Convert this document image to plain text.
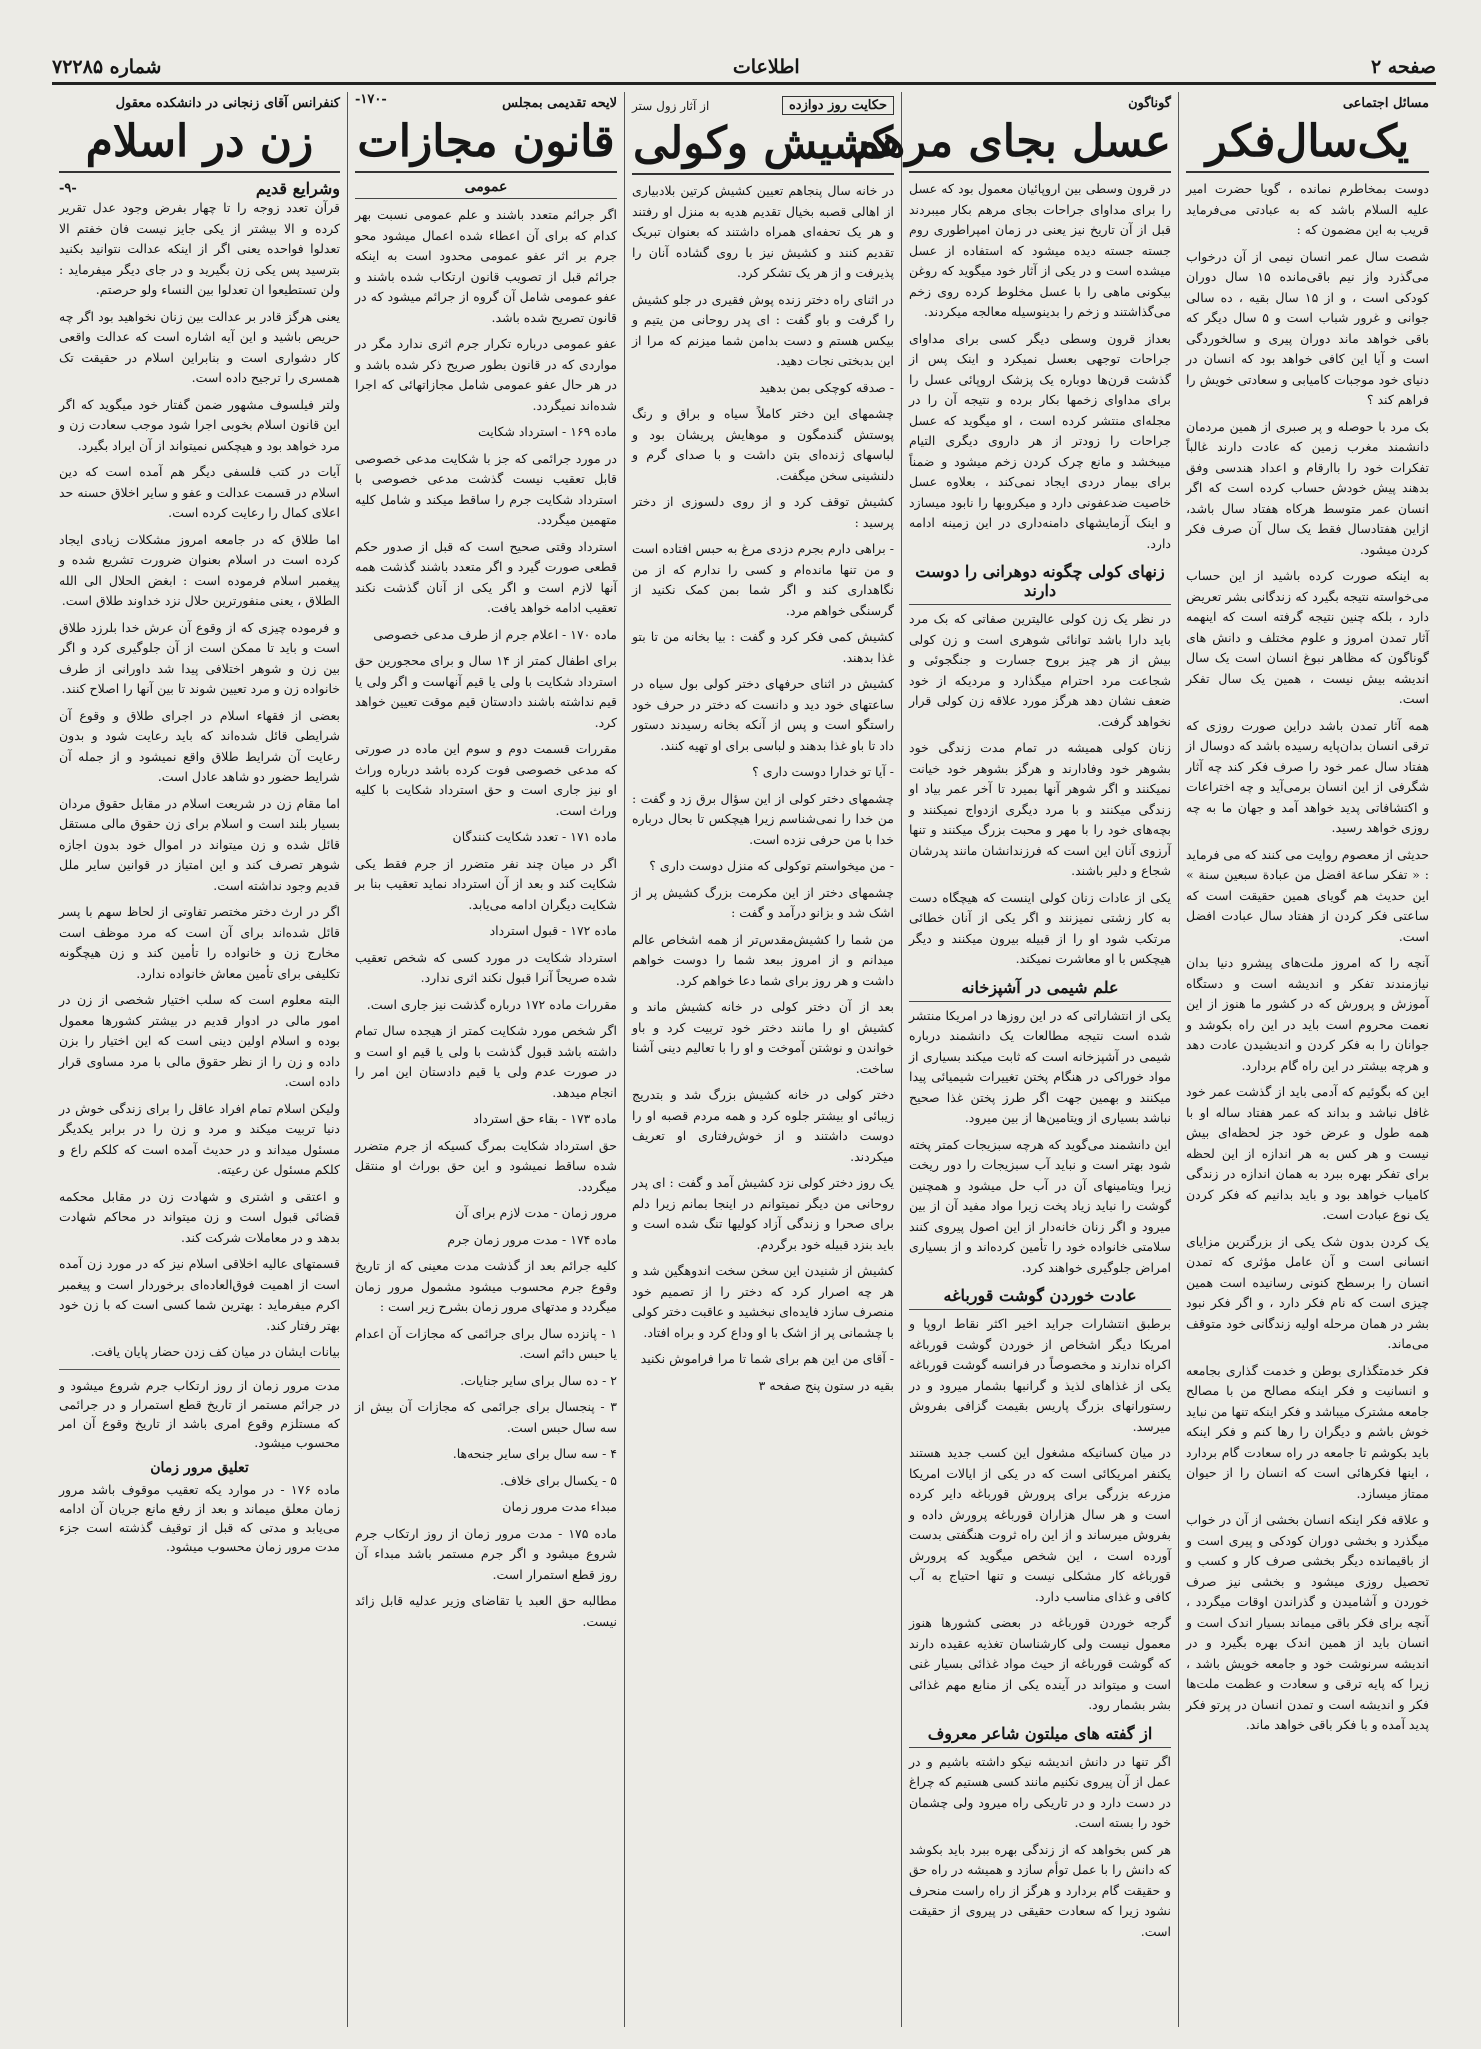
صفحه ۲
اطلاعات
شماره ۷۲۲۸۵
مسائل اجتماعی
یک‌سال‌فکر

دوست بمخاطرم نمانده ، گویا حضرت امیر علیه السلام باشد که به عبادتی می‌فرماید قریب به این مضمون که :

شصت سال عمر انسان نیمی از آن درخواب می‌گذرد واز نیم باقی‌مانده ۱۵ سال دوران کودکی است ، و از ۱۵ سال بقیه ، ده سالی جوانی و غرور شباب است و ۵ سال دیگر که باقی خواهد ماند دوران پیری و سالخوردگی است و آیا این کافی خواهد بود که انسان در دنیای خود موجبات کامیابی و سعادتی خویش را فراهم کند ؟

بک مرد با حوصله و پر صبری از همین مردمان دانشمند مغرب زمین که عادت دارند غالباً تفکرات خود را باارقام و اعداد هندسی وفق بدهند پیش خودش حساب کرده است که اگر انسان عمر متوسط هرکاه هفتاد سال باشد، ازاین هفتادسال فقط یک سال آن صرف فکر کردن میشود.

به اینکه صورت کرده باشید از این حساب می‌خواسته نتیجه بگیرد که زندگانی بشر تعریض دارد ، بلکه چنین نتیجه گرفته است که اینهمه آثار تمدن امروز و علوم مختلف و دانش های گوناگون که مظاهر نبوغ انسان است یک سال اندیشه بیش نیست ، همین یک سال تفکر است.

همه آثار تمدن باشد دراین صورت روزی که ترقی انسان بدان‌پایه رسیده باشد که دوسال از هفتاد سال عمر خود را صرف فکر کند چه آثار شگرفی از این انسان برمی‌آید و چه اختراعات و اکتشافاتی پدید خواهد آمد و جهان ما به چه روزی خواهد رسید.

حدیثی از معصوم روایت می کنند که می فرماید : « تفکر ساعة افضل من عبادة سبعین سنة » این حدیث هم گویای همین حقیقت است که ساعتی فکر کردن از هفتاد سال عبادت افضل است.

آنچه را که امروز ملت‌های پیشرو دنیا بدان نیازمندند تفکر و اندیشه است و دستگاه آموزش و پرورش که در کشور ما هنوز از این نعمت محروم است باید در این راه بکوشد و جوانان را به فکر کردن و اندیشیدن عادت دهد و هرچه بیشتر در این راه گام بردارد.

این که بگوئیم که آدمی باید از گذشت عمر خود غافل نباشد و بداند که عمر هفتاد ساله او با همه طول و عرض خود جز لحظه‌ای بیش نیست و هر کس به هر اندازه از این لحظه برای تفکر بهره ببرد به همان اندازه در زندگی کامیاب خواهد بود و باید بدانیم که فکر کردن یک نوع عبادت است.

یک کردن بدون شک یکی از بزرگترین مزایای انسانی است و آن عامل مؤثری که تمدن انسان را برسطح کنونی رسانیده است همین چیزی است که نام فکر دارد ، و اگر فکر نبود بشر در همان مرحله اولیه زندگانی خود متوقف می‌ماند.

فکر خدمتگذاری بوطن و خدمت گذاری بجامعه و انسانیت و فکر اینکه مصالح من با مصالح جامعه مشترک میباشد و فکر اینکه تنها من نباید خوش باشم و دیگران را رها کنم و فکر اینکه باید بکوشم تا جامعه در راه سعادت گام بردارد ، اینها فکرهائی است که انسان را از حیوان ممتاز میسازد.

و علاقه فکر اینکه انسان بخشی از آن در خواب میگذرد و بخشی دوران کودکی و پیری است و از باقیمانده دیگر بخشی صرف کار و کسب و تحصیل روزی میشود و بخشی نیز صرف خوردن و آشامیدن و گذراندن اوقات میگردد ، آنچه برای فکر باقی میماند بسیار اندک است و انسان باید از همین اندک بهره بگیرد و در اندیشه سرنوشت خود و جامعه خویش باشد ، زیرا که پایه ترقی و سعادت و عظمت ملت‌ها فکر و اندیشه است و تمدن انسان در پرتو فکر پدید آمده و با فکر باقی خواهد ماند.

گوناگون
عسل بجای مرهم

در قرون وسطی بین اروپائیان معمول بود که عسل را برای مداوای جراحات بجای مرهم بکار میبردند قبل از آن تاریخ نیز یعنی در زمان امپراطوری روم جسته جسته دیده میشود که استفاده از عسل میشده است و در یکی از آثار خود میگوید که روغن بیکونی ماهی را با عسل مخلوط کرده روی زخم می‌گذاشتند و زخم را بدینوسیله معالجه میکردند.

بعداز قرون وسطی دیگر کسی برای مداوای جراحات توجهی بعسل نمیکرد و اینک پس از گذشت قرن‌ها دوباره یک پزشک اروپائی عسل را برای مداوای زخمها بکار برده و نتیجه آن را در مجله‌ای منتشر کرده است ، او میگوید که عسل جراحات را زودتر از هر داروی دیگری التیام میبخشد و مانع چرک کردن زخم میشود و ضمناً برای بیمار دردی ایجاد نمی‌کند ، بعلاوه عسل خاصیت ضدعفونی دارد و میکروبها را نابود میسازد و اینک آزمایشهای دامنه‌داری در این زمینه ادامه دارد.

زنهای کولی چگونه دوهرانی را دوست دارند

در نظر یک زن کولی عالیترین صفاتی که بک مرد باید دارا باشد توانائی شوهری است و زن کولی بیش از هر چیز بروح جسارت و جنگجوئی و شجاعت مرد احترام میگذارد و مردیکه از خود ضعف نشان دهد هرگز مورد علاقه زن کولی قرار نخواهد گرفت.

زنان کولی همیشه در تمام مدت زندگی خود بشوهر خود وفادارند و هرگز بشوهر خود خیانت نمیکنند و اگر شوهر آنها بمیرد تا آخر عمر بیاد او زندگی میکنند و با مرد دیگری ازدواج نمیکنند و بچه‌های خود را با مهر و محبت بزرگ میکنند و تنها آرزوی آنان این است که فرزندانشان مانند پدرشان شجاع و دلیر باشند.

یکی از عادات زنان کولی اینست که هیچگاه دست به کار زشتی نمیزنند و اگر یکی از آنان خطائی مرتکب شود او را از قبیله بیرون میکنند و دیگر هیچکس با او معاشرت نمیکند.

علم شیمی در آشپزخانه

یکی از انتشاراتی که در این روزها در امریکا منتشر شده است نتیجه مطالعات یک دانشمند درباره شیمی در آشپزخانه است که ثابت میکند بسیاری از مواد خوراکی در هنگام پختن تغییرات شیمیائی پیدا میکنند و بهمین جهت اگر طرز پختن غذا صحیح نباشد بسیاری از ویتامین‌ها از بین میرود.

این دانشمند می‌گوید که هرچه سبزیجات کمتر پخته شود بهتر است و نباید آب سبزیجات را دور ریخت زیرا ویتامینهای آن در آب حل میشود و همچنین گوشت را نباید زیاد پخت زیرا مواد مفید آن از بین میرود و اگر زنان خانه‌دار از این اصول پیروی کنند سلامتی خانواده خود را تأمین کرده‌اند و از بسیاری امراض جلوگیری خواهند کرد.

عادت خوردن گوشت قورباغه

برطبق انتشارات جراید اخیر اکثر نقاط اروپا و امریکا دیگر اشخاص از خوردن گوشت قورباغه اکراه ندارند و مخصوصاً در فرانسه گوشت قورباغه یکی از غذاهای لذیذ و گرانبها بشمار میرود و در رستورانهای بزرگ پاریس بقیمت گزافی بفروش میرسد.

در میان کسانیکه مشغول این کسب جدید هستند یکنفر امریکائی است که در یکی از ایالات امریکا مزرعه بزرگی برای پرورش قورباغه دایر کرده است و هر سال هزاران قورباغه پرورش داده و بفروش میرساند و از این راه ثروت هنگفتی بدست آورده است ، این شخص میگوید که پرورش قورباغه کار مشکلی نیست و تنها احتیاج به آب کافی و غذای مناسب دارد.

گرجه خوردن قورباغه در بعضی کشورها هنوز معمول نیست ولی کارشناسان تغذیه عقیده دارند که گوشت قورباغه از حیث مواد غذائی بسیار غنی است و میتواند در آینده یکی از منابع مهم غذائی بشر بشمار رود.

از گفته های میلتون شاعر معروف

اگر تنها در دانش اندیشه نیکو داشته باشیم و در عمل از آن پیروی نکنیم مانند کسی هستیم که چراغ در دست دارد و در تاریکی راه میرود ولی چشمان خود را بسته است.

هر کس بخواهد که از زندگی بهره ببرد باید بکوشد که دانش را با عمل توأم سازد و همیشه در راه حق و حقیقت گام بردارد و هرگز از راه راست منحرف نشود زیرا که سعادت حقیقی در پیروی از حقیقت است.

حکایت روز دوازده
از آثار زول ستر
کشیش وکولی

در خانه سال پنجاهم تعیین کشیش کرتین بلادبیاری از اهالی قصبه بخیال تقدیم هدیه به منزل او رفتند و هر یک تحفه‌ای همراه داشتند که بعنوان تبریک تقدیم کنند و کشیش نیز با روی گشاده آنان را پذیرفت و از هر یک تشکر کرد.

در اثنای راه دختر زنده پوش فقیری در جلو کشیش را گرفت و باو گفت : ای پدر روحانی من یتیم و بیکس هستم و دست بدامن شما میزنم که مرا از این بدبختی نجات دهید.

- صدقه کوچکی بمن بدهید

چشمهای این دختر کاملاً سیاه و براق و رنگ پوستش گندمگون و موهایش پریشان بود و لباسهای ژنده‌ای بتن داشت و با صدای گرم و دلنشینی سخن میگفت.

کشیش توقف کرد و از روی دلسوزی از دختر پرسید :

- براهی دارم بجرم دزدی مرغ به حبس افتاده است و من تنها مانده‌ام و کسی را ندارم که از من نگاهداری کند و اگر شما بمن کمک نکنید از گرسنگی خواهم مرد.

کشیش کمی فکر کرد و گفت : بیا بخانه من تا بتو غذا بدهند.

کشیش در اثنای حرفهای دختر کولی بول سیاه در ساعتهای خود دید و دانست که دختر در حرف خود راستگو است و پس از آنکه بخانه رسیدند دستور داد تا باو غذا بدهند و لباسی برای او تهیه کنند.

- آیا تو خدارا دوست داری ؟

چشمهای دختر کولی از این سؤال برق زد و گفت : من خدا را نمی‌شناسم زیرا هیچکس تا بحال درباره خدا با من حرفی نزده است.

- من میخواستم توکولی که منزل دوست داری ؟

چشمهای دختر از این مکرمت بزرگ کشیش پر از اشک شد و بزانو درآمد و گفت :

من شما را کشیش‌مقدس‌تر از همه اشخاص عالم میدانم و از امروز ببعد شما را دوست خواهم داشت و هر روز برای شما دعا خواهم کرد.

بعد از آن دختر کولی در خانه کشیش ماند و کشیش او را مانند دختر خود تربیت کرد و باو خواندن و نوشتن آموخت و او را با تعالیم دینی آشنا ساخت.

دختر کولی در خانه کشیش بزرگ شد و بتدریج زیبائی او بیشتر جلوه کرد و همه مردم قصبه او را دوست داشتند و از خوش‌رفتاری او تعریف میکردند.

یک روز دختر کولی نزد کشیش آمد و گفت : ای پدر روحانی من دیگر نمیتوانم در اینجا بمانم زیرا دلم برای صحرا و زندگی آزاد کولیها تنگ شده است و باید بنزد قبیله خود برگردم.

کشیش از شنیدن این سخن سخت اندوهگین شد و هر چه اصرار کرد که دختر را از تصمیم خود منصرف سازد فایده‌ای نبخشید و عاقبت دختر کولی با چشمانی پر از اشک با او وداع کرد و براه افتاد.

- آقای من این هم برای شما تا مرا فراموش نکنید

بقیه در ستون پنج صفحه ۳

لایحه تقدیمی بمجلس
-۱۷۰-
قانون مجازات
عمومی

اگر جرائم متعدد باشند و علم عمومی نسبت بهر کدام که برای آن اعطاء شده اعمال میشود محو جرم بر اثر عفو عمومی محدود است به اینکه جرائم قبل از تصویب قانون ارتکاب شده باشند و عفو عمومی شامل آن گروه از جرائم میشود که در قانون تصریح شده باشد.

عفو عمومی درباره تکرار جرم اثری ندارد مگر در مواردی که در قانون بطور صریح ذکر شده باشد و در هر حال عفو عمومی شامل مجازاتهائی که اجرا شده‌اند نمیگردد.

ماده ۱۶۹ - استرداد شکایت

در مورد جرائمی که جز با شکایت مدعی خصوصی قابل تعقیب نیست گذشت مدعی خصوصی با استرداد شکایت جرم را ساقط میکند و شامل کلیه متهمین میگردد.

استرداد وقتی صحیح است که قبل از صدور حکم قطعی صورت گیرد و اگر متعدد باشند گذشت همه آنها لازم است و اگر یکی از آنان گذشت نکند تعقیب ادامه خواهد یافت.

ماده ۱۷۰ - اعلام جرم از طرف مدعی خصوصی

برای اطفال کمتر از ۱۴ سال و برای محجورین حق استرداد شکایت با ولی یا قیم آنهاست و اگر ولی یا قیم نداشته باشند دادستان قیم موقت تعیین خواهد کرد.

مقررات قسمت دوم و سوم این ماده در صورتی که مدعی خصوصی فوت کرده باشد درباره وراث او نیز جاری است و حق استرداد شکایت با کلیه وراث است.

ماده ۱۷۱ - تعدد شکایت کنندگان

اگر در میان چند نفر متضرر از جرم فقط یکی شکایت کند و بعد از آن استرداد نماید تعقیب بنا بر شکایت دیگران ادامه می‌یابد.

ماده ۱۷۲ - قبول استرداد

استرداد شکایت در مورد کسی که شخص تعقیب شده صریحاً آنرا قبول نکند اثری ندارد.

مقررات ماده ۱۷۲ درباره گذشت نیز جاری است.

اگر شخص مورد شکایت کمتر از هیجده سال تمام داشته باشد قبول گذشت با ولی یا قیم او است و در صورت عدم ولی یا قیم دادستان این امر را انجام میدهد.

ماده ۱۷۳ - بقاء حق استرداد

حق استرداد شکایت بمرگ کسیکه از جرم متضرر شده ساقط نمیشود و این حق بوراث او منتقل میگردد.

مرور زمان - مدت لازم برای آن

ماده ۱۷۴ - مدت مرور زمان جرم

کلیه جرائم بعد از گذشت مدت معینی که از تاریخ وقوع جرم محسوب میشود مشمول مرور زمان میگردد و مدتهای مرور زمان بشرح زیر است :

۱ - پانزده سال برای جرائمی که مجازات آن اعدام یا حبس دائم است.

۲ - ده سال برای سایر جنایات.

۳ - پنجسال برای جرائمی که مجازات آن بیش از سه سال حبس است.

۴ - سه سال برای سایر جنحه‌ها.

۵ - یکسال برای خلاف.

مبداء مدت مرور زمان

ماده ۱۷۵ - مدت مرور زمان از روز ارتکاب جرم شروع میشود و اگر جرم مستمر باشد مبداء آن روز قطع استمرار است.

مطالبه حق العبد یا تقاضای وزیر عدلیه قابل زائد نیست.

کنفرانس آقای زنجانی در دانشکده معقول
زن در اسلام
وشرایع قدیم
-۹-

قرآن تعدد زوجه را تا چهار بفرض وجود عدل تقریر کرده و الا بیشتر از یکی جایز نیست فان خفتم الا تعدلوا فواحده یعنی اگر از اینکه عدالت نتوانید بکنید بترسید پس یکی زن بگیرید و در جای دیگر میفرماید : ولن تستطیعوا ان تعدلوا بین النساء ولو حرصتم.

یعنی هرگز قادر بر عدالت بین زنان نخواهید بود اگر چه حریص باشید و این آیه اشاره است که عدالت واقعی کار دشواری است و بنابراین اسلام در حقیقت تک همسری را ترجیح داده است.

ولتر فیلسوف مشهور ضمن گفتار خود میگوید که اگر این قانون اسلام بخوبی اجرا شود موجب سعادت زن و مرد خواهد بود و هیچکس نمیتواند از آن ایراد بگیرد.

آیات در کتب فلسفی دیگر هم آمده است که دین اسلام در قسمت عدالت و عفو و سایر اخلاق حسنه حد اعلای کمال را رعایت کرده است.

اما طلاق که در جامعه امروز مشکلات زیادی ایجاد کرده است در اسلام بعنوان ضرورت تشریع شده و پیغمبر اسلام فرموده است : ابغض الحلال الی الله الطلاق ، یعنی منفورترین حلال نزد خداوند طلاق است.

و فرموده چیزی که از وقوع آن عرش خدا بلرزد طلاق است و باید تا ممکن است از آن جلوگیری کرد و اگر بین زن و شوهر اختلافی پیدا شد داورانی از طرف خانواده زن و مرد تعیین شوند تا بین آنها را اصلاح کنند.

بعضی از فقهاء اسلام در اجرای طلاق و وقوع آن شرایطی قائل شده‌اند که باید رعایت شود و بدون رعایت آن شرایط طلاق واقع نمیشود و از جمله آن شرایط حضور دو شاهد عادل است.

اما مقام زن در شریعت اسلام در مقابل حقوق مردان بسیار بلند است و اسلام برای زن حقوق مالی مستقل قائل شده و زن میتواند در اموال خود بدون اجازه شوهر تصرف کند و این امتیاز در قوانین سایر ملل قدیم وجود نداشته است.

اگر در ارث دختر مختصر تفاوتی از لحاظ سهم با پسر قائل شده‌اند برای آن است که مرد موظف است مخارج زن و خانواده را تأمین کند و زن هیچگونه تکلیفی برای تأمین معاش خانواده ندارد.

البته معلوم است که سلب اختیار شخصی از زن در امور مالی در ادوار قدیم در بیشتر کشورها معمول بوده و اسلام اولین دینی است که این اختیار را بزن داده و زن را از نظر حقوق مالی با مرد مساوی قرار داده است.

ولیکن اسلام تمام افراد عاقل را برای زندگی خوش در دنیا تربیت میکند و مرد و زن را در برابر یکدیگر مسئول میداند و در حدیث آمده است که کلکم راع و کلکم مسئول عن رعیته.

و اعتقی و اشتری و شهادت زن در مقابل محکمه قضائی قبول است و زن میتواند در محاکم شهادت بدهد و در معاملات شرکت کند.

قسمتهای عالیه اخلاقی اسلام نیز که در مورد زن آمده است از اهمیت فوق‌العاده‌ای برخوردار است و پیغمبر اکرم میفرماید : بهترین شما کسی است که با زن خود بهتر رفتار کند.

بیانات ایشان در میان کف زدن حضار پایان یافت.

مدت مرور زمان از روز ارتکاب جرم شروع میشود و در جرائم مستمر از تاریخ قطع استمرار و در جرائمی که مستلزم وقوع امری باشد از تاریخ وقوع آن امر محسوب میشود.
تعلیق مرور زمان
ماده ۱۷۶ - در موارد یکه تعقیب موقوف باشد مرور زمان معلق میماند و بعد از رفع مانع جریان آن ادامه می‌یابد و مدتی که قبل از توقیف گذشته است جزء مدت مرور زمان محسوب میشود.
